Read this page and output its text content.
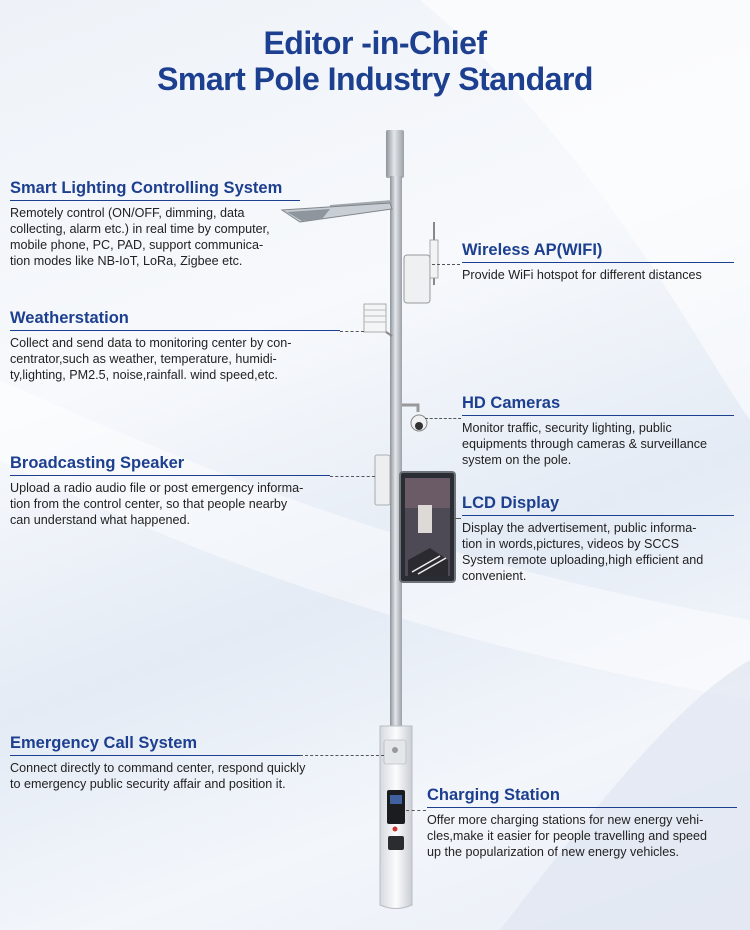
Editor -in-Chief
Smart Pole Industry Standard
Smart Lighting Controlling System

Remotely control (ON/OFF, dimming, data
collecting, alarm etc.) in real time by computer,
mobile phone, PC, PAD, support communica-
tion modes like NB-IoT, LoRa, Zigbee etc.

Weatherstation

Collect and send data to monitoring center by con-
centrator,such as weather, temperature, humidi-
ty,lighting, PM2.5, noise,rainfall. wind speed,etc.

Broadcasting Speaker

Upload a radio audio file or post emergency informa-
tion from the control center, so that people nearby
can understand what happened.

Emergency Call System

Connect directly to command center, respond quickly
to emergency public security affair and position it.

Wireless AP(WIFI)

Provide WiFi hotspot for different distances

HD Cameras

Monitor traffic, security lighting, public
equipments through cameras & surveillance
system on the pole.

LCD Display

Display the advertisement, public informa-
tion in words,pictures, videos by SCCS
System remote uploading,high efficient and
convenient.

Charging Station

Offer more charging stations for new energy vehi-
cles,make it easier for people travelling and speed
up the popularization of new energy vehicles.
